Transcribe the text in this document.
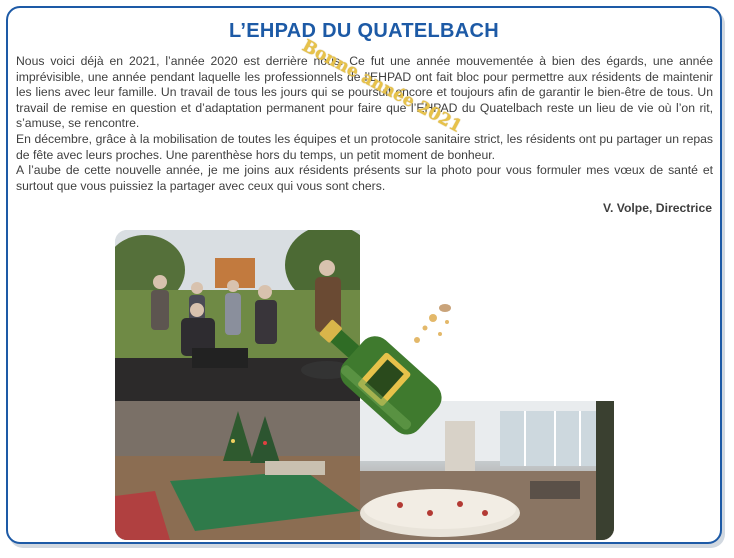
L’EHPAD DU QUATELBACH

Nous voici déjà en 2021, l’année 2020 est derrière nous. Ce fut une année mouvementée à bien des égards, une année imprévisible, une année pendant laquelle les professionnels de l’EHPAD ont fait bloc pour permettre aux résidents de maintenir les liens avec leur famille. Un travail de tous les jours qui se poursuit encore et toujours afin de garantir le bien-être de tous. Un travail de remise en question et d’adaptation permanent pour faire que l’EHPAD du Quatelbach reste un lieu de vie où l’on rit, s’amuse, se rencontre.

En décembre, grâce à la mobilisation de toutes les équipes et un protocole sanitaire strict, les résidents ont pu partager un repas de fête avec leurs proches. Une parenthèse hors du temps, un petit moment de bonheur.

A l’aube de cette nouvelle année, je me joins aux résidents présents sur la photo pour vous formuler mes vœux de santé et surtout que vous puissiez la partager avec ceux qui vous sont chers.

V. Volpe, Directrice
Bonne année 2021
